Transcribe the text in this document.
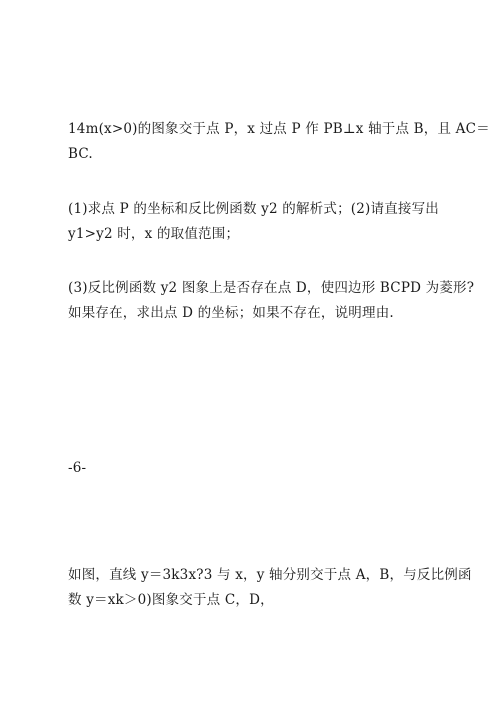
14m(x>0)的图象交于点 P，x 过点 P 作 PB⊥x 轴于点 B，且 AC＝
BC.
(1)求点 P 的坐标和反比例函数 y2 的解析式；(2)请直接写出
y1>y2 时，x 的取值范围；
(3)反比例函数 y2 图象上是否存在点 D，使四边形 BCPD 为菱形?
如果存在，求出点 D 的坐标；如果不存在，说明理由.
-6-
如图，直线 y＝3k3x?3 与 x，y 轴分别交于点 A，B，与反比例函
数 y＝xk＞0)图象交于点 C，D，
